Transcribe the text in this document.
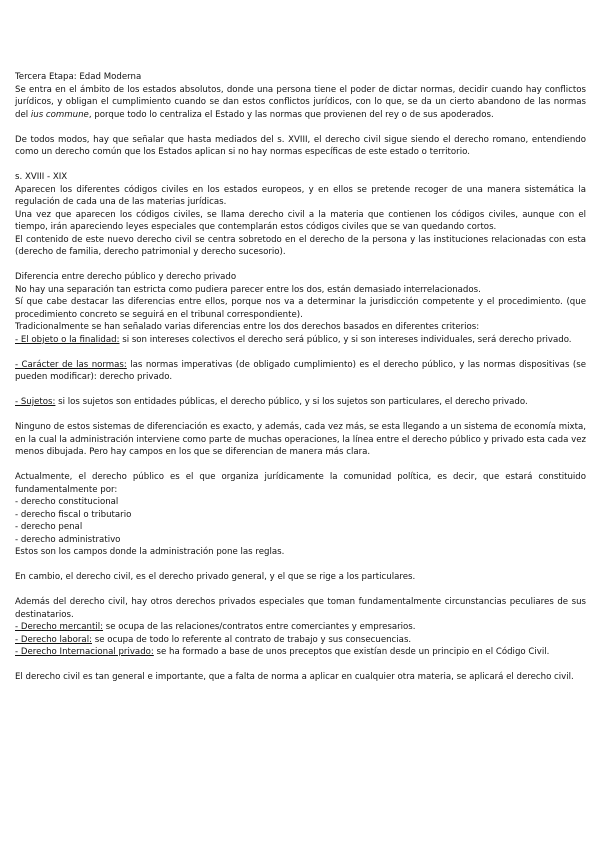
Tercera Etapa: Edad Moderna

Se entra en el ámbito de los estados absolutos, donde una persona tiene el poder de dictar normas, decidir cuando hay conflictos jurídicos, y obligan el cumplimiento cuando se dan estos conflictos jurídicos, con lo que, se da un cierto abandono de las normas del ius commune, porque todo lo centraliza el Estado y las normas que provienen del rey o de sus apoderados.

De todos modos, hay que señalar que hasta mediados del s. XVIII, el derecho civil sigue siendo el derecho romano, entendiendo como un derecho común que los Estados aplican si no hay normas específicas de este estado o territorio.

s. XVIII - XIX

Aparecen los diferentes códigos civiles en los estados europeos, y en ellos se pretende recoger de una manera sistemática la regulación de cada una de las materias jurídicas.

Una vez que aparecen los códigos civiles, se llama derecho civil a la materia que contienen los códigos civiles, aunque con el tiempo, irán apareciendo leyes especiales que contemplarán estos códigos civiles que se van quedando cortos.

El contenido de este nuevo derecho civil se centra sobretodo en el derecho de la persona y las instituciones relacionadas con esta (derecho de familia, derecho patrimonial y derecho sucesorio).

Diferencia entre derecho público y derecho privado

No hay una separación tan estricta como pudiera parecer entre los dos, están demasiado interrelacionados.

Sí que cabe destacar las diferencias entre ellos, porque nos va a determinar la jurisdicción competente y el procedimiento. (que procedimiento concreto se seguirá en el tribunal correspondiente).

Tradicionalmente se han señalado varias diferencias entre los dos derechos basados en diferentes criterios:

- El objeto o la finalidad: si son intereses colectivos el derecho será público, y si son intereses individuales, será derecho privado.

- Carácter de las normas: las normas imperativas (de obligado cumplimiento) es el derecho público, y las normas dispositivas (se pueden modificar): derecho privado.

- Sujetos: si los sujetos son entidades públicas, el derecho público, y si los sujetos son particulares, el derecho privado.

Ninguno de estos sistemas de diferenciación es exacto, y además, cada vez más, se esta llegando a un sistema de economía mixta, en la cual la administración interviene como parte de muchas operaciones, la línea entre el derecho público y privado esta cada vez menos dibujada. Pero hay campos en los que se diferencian de manera más clara.

Actualmente, el derecho público es el que organiza jurídicamente la comunidad política, es decir, que estará constituido fundamentalmente por:

- derecho constitucional
- derecho fiscal o tributario
- derecho penal
- derecho administrativo

Estos son los campos donde la administración pone las reglas.

En cambio, el derecho civil, es el derecho privado general, y el que se rige a los particulares.

Además del derecho civil, hay otros derechos privados especiales que toman fundamentalmente circunstancias peculiares de sus destinatarios.

- Derecho mercantil: se ocupa de las relaciones/contratos entre comerciantes y empresarios.

- Derecho laboral: se ocupa de todo lo referente al contrato de trabajo y sus consecuencias.

- Derecho Internacional privado: se ha formado a base de unos preceptos que existían desde un principio en el Código Civil.

El derecho civil es tan general e importante, que a falta de norma a aplicar en cualquier otra materia, se aplicará el derecho civil.
